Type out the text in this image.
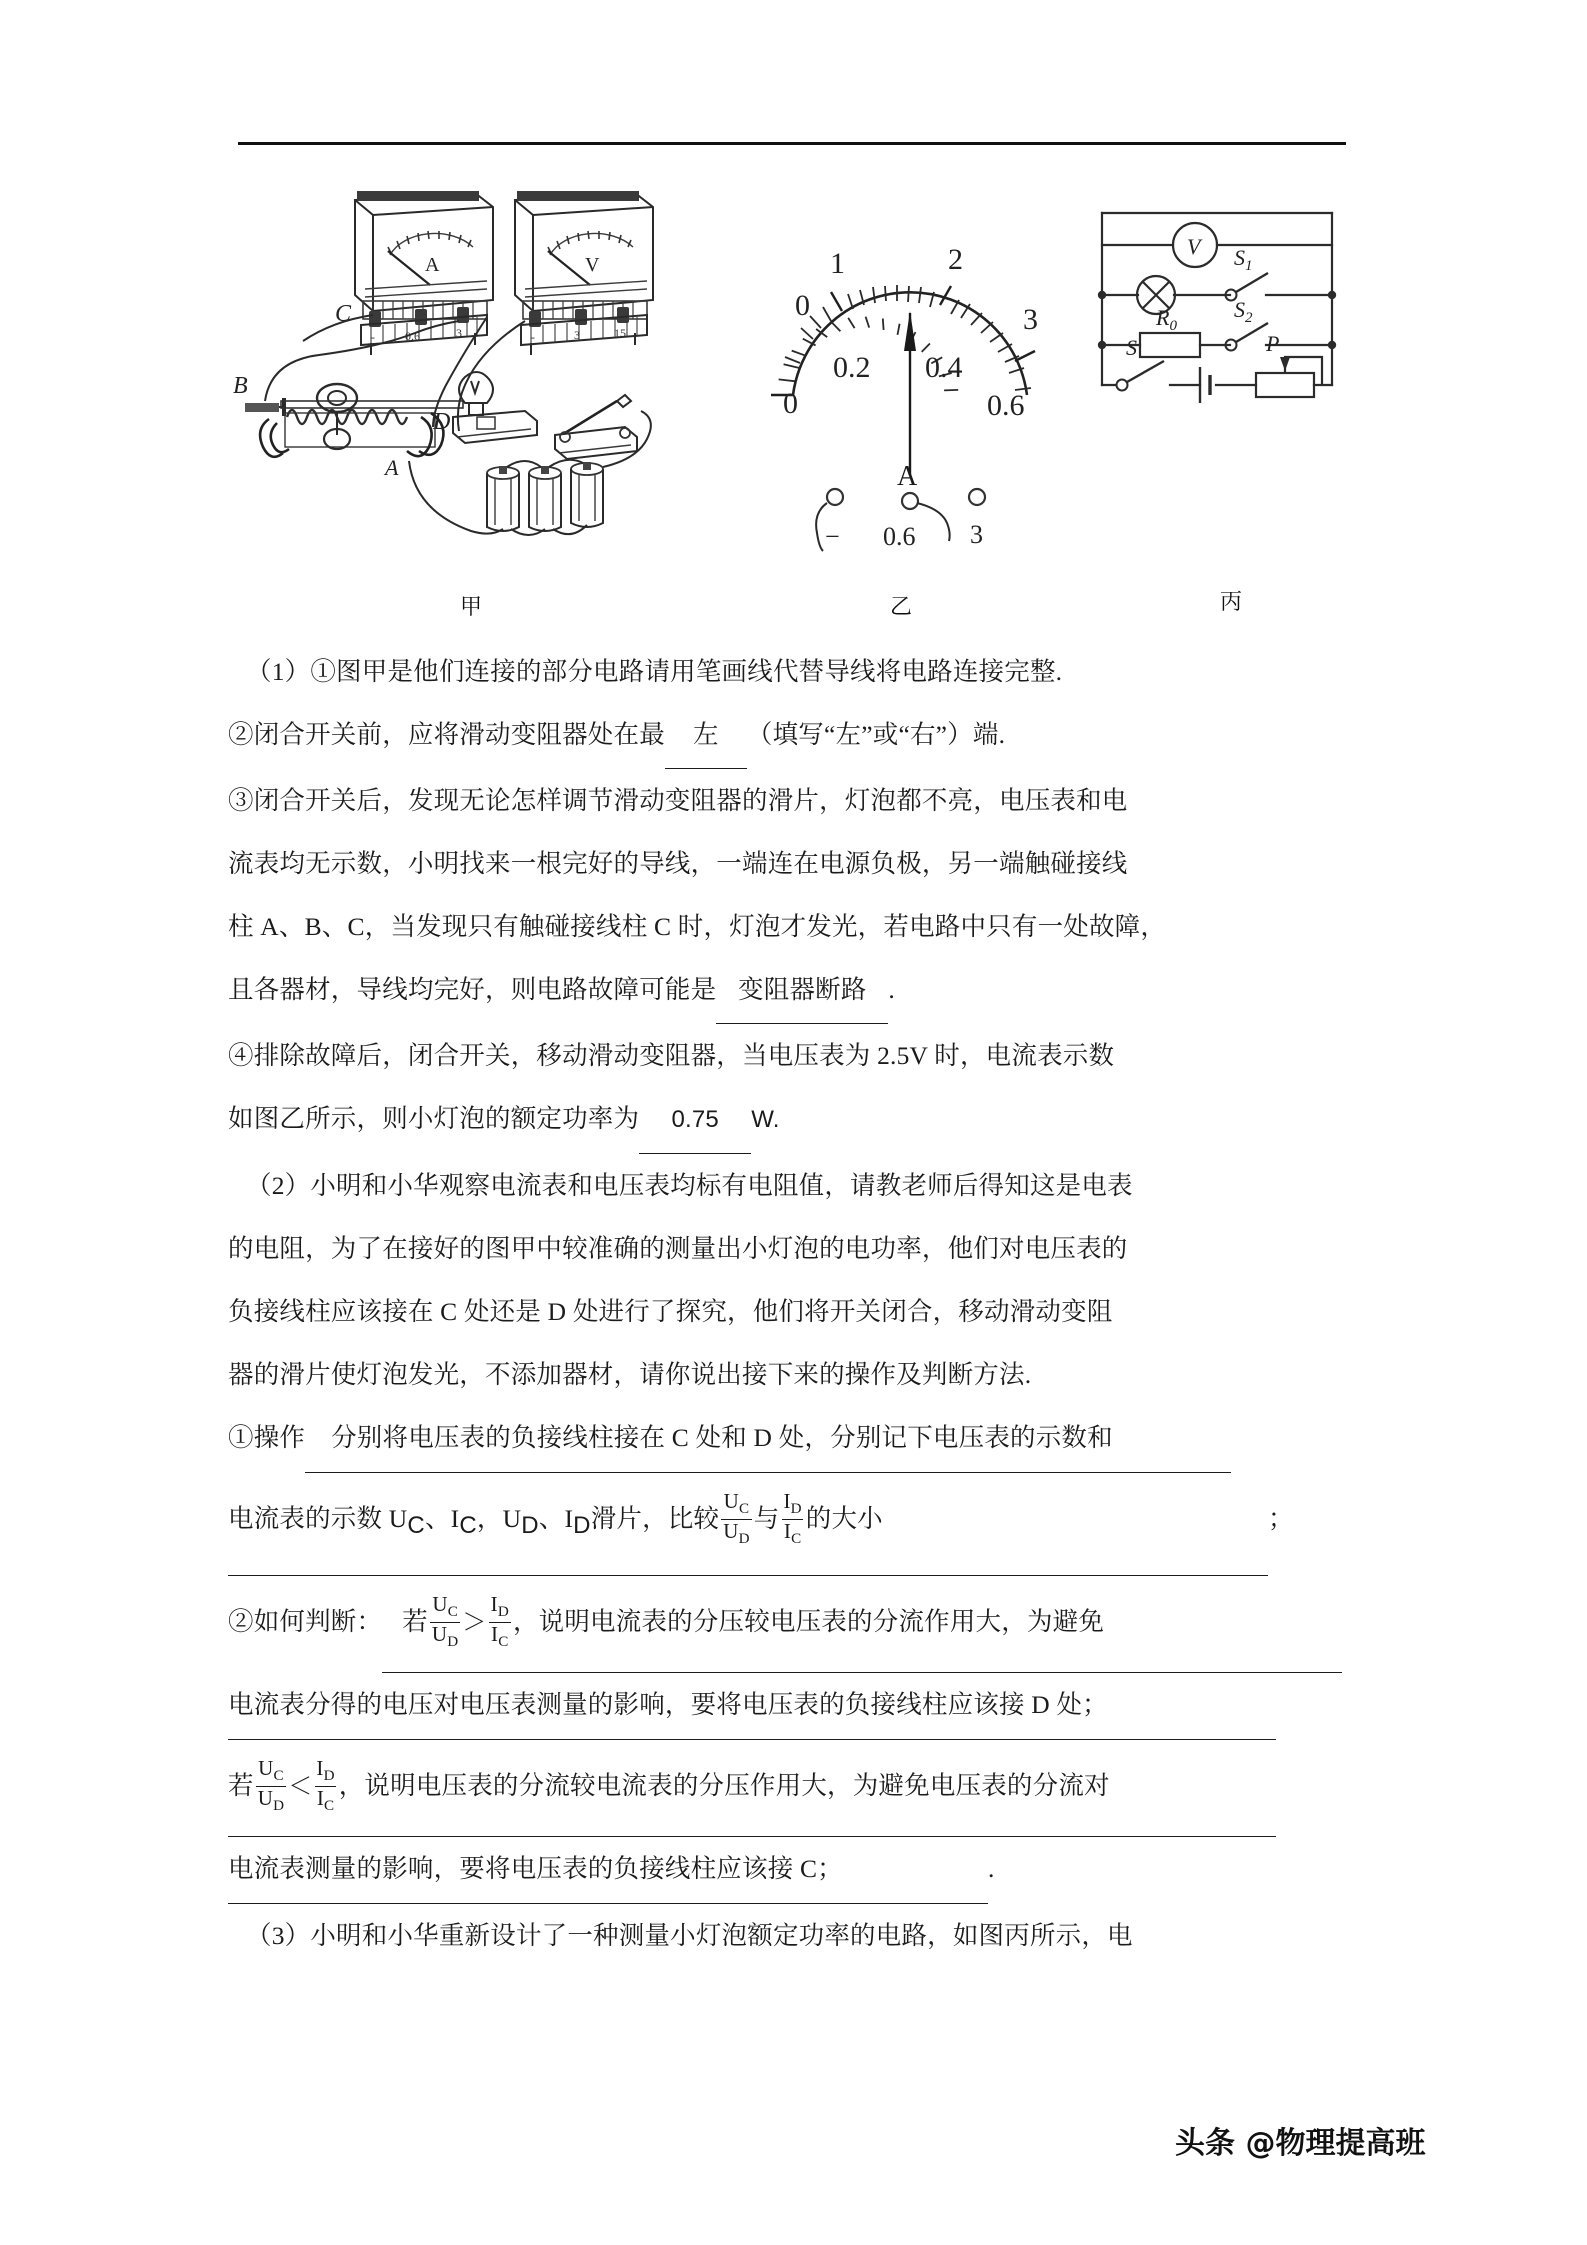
A
-	0.6	3
V
-	3	15
C
D
B
A
甲
0
1	2
3
0
0.2 0.4
0.6
A
− 0.6 3
乙
V
$R_0$
$S_1$
$S_2$
S	P
丙
（1）①图甲是他们连接的部分电路请用笔画线代替导线将电路连接完整.
②闭合开关前，应将滑动变阻器处在最 左 （填写“左”或“右”）端.
③闭合开关后，发现无论怎样调节滑动变阻器的滑片，灯泡都不亮，电压表和电
流表均无示数，小明找来一根完好的导线，一端连在电源负极，另一端触碰接线
柱 A、B、C，当发现只有触碰接线柱 C 时，灯泡才发光，若电路中只有一处故障，
且各器材，导线均完好，则电路故障可能是 变阻器断路 .
④排除故障后，闭合开关，移动滑动变阻器，当电压表为 2.5V 时，电流表示数
如图乙所示，则小灯泡的额定功率为 0.75 W.
（2）小明和小华观察电流表和电压表均标有电阻值，请教老师后得知这是电表
的电阻，为了在接好的图甲中较准确的测量出小灯泡的电功率，他们对电压表的
负接线柱应该接在 C 处还是 D 处进行了探究，他们将开关闭合，移动滑动变阻
器的滑片使灯泡发光，不添加器材，请你说出接下来的操作及判断方法.
①操作 分别将电压表的负接线柱接在 C 处和 D 处，分别记下电压表的示数和
电流表的示数 $U_C$、$I_C$，$U_D$、$I_D$滑片，比较 $\frac{U_C}{U_D}$ 与 $\frac{I_D}{I_C}$ 的大小	；
②如何判断： 若 $\frac{U_C}{U_D} > \frac{I_D}{I_C}$ ，说明电流表的分压较电压表的分流作用大，为避免
电流表分得的电压对电压表测量的影响，要将电压表的负接线柱应该接 D 处；
若 $\frac{U_C}{U_D} < \frac{I_D}{I_C}$ ，说明电压表的分流较电流表的分压作用大，为避免电压表的分流对
电流表测量的影响，要将电压表的负接线柱应该接 C；	.
（3）小明和小华重新设计了一种测量小灯泡额定功率的电路，如图丙所示，电
头条 @物理提高班
